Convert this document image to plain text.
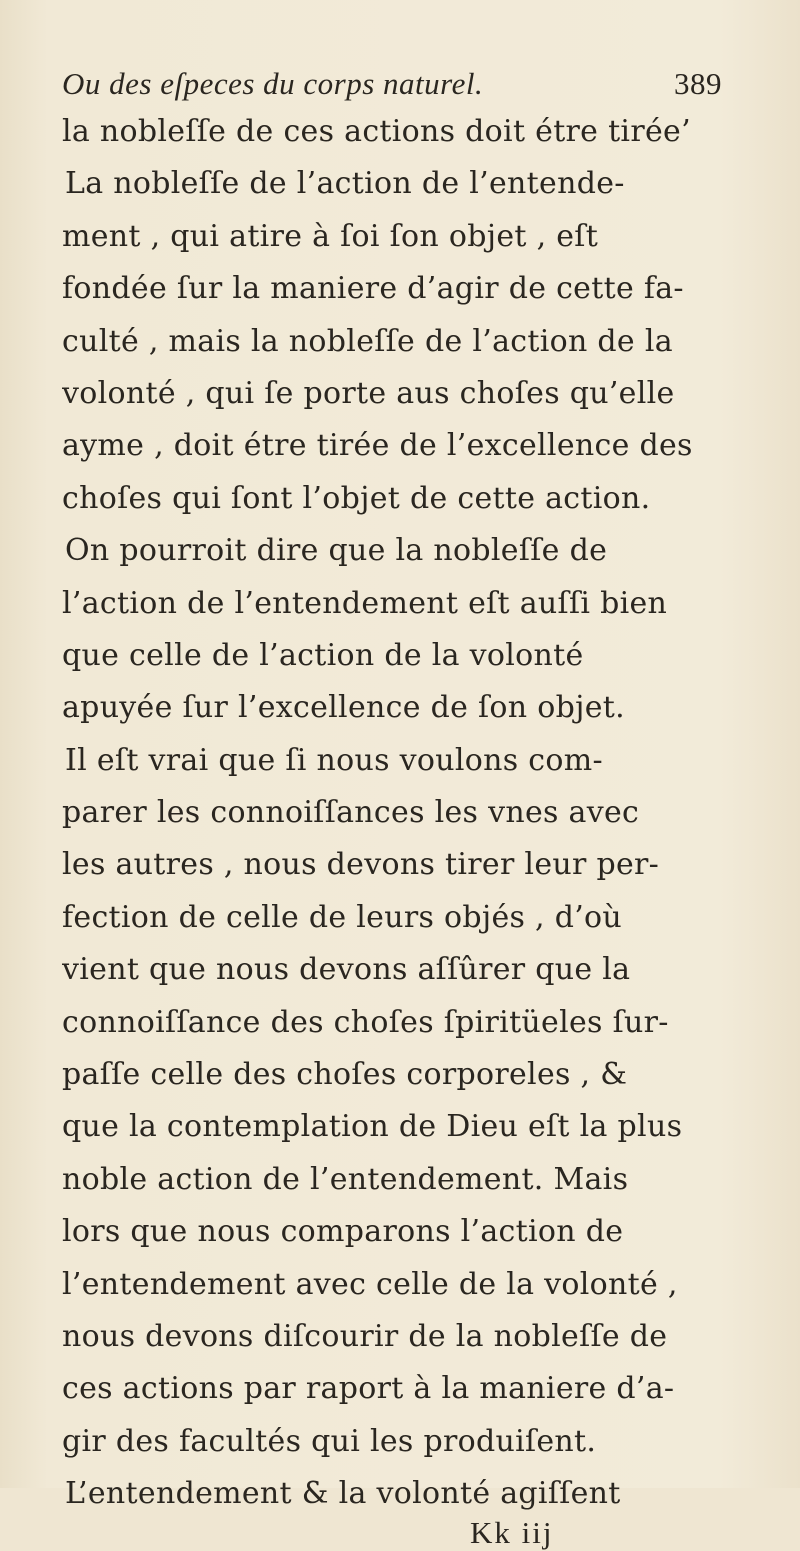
Ou des eſpeces du corps naturel.	389
la nobleſſe de ces actions doit étre tirée’
La nobleſſe de l’action de l’entende-
ment , qui atire à ſoi ſon objet , eſt
fondée ſur la maniere d’agir de cette fa-
culté , mais la nobleſſe de l’action de la
volonté , qui ſe porte aus choſes qu’elle
ayme , doit étre tirée de l’excellence des
choſes qui ſont l’objet de cette action.
On pourroit dire que la nobleſſe de
l’action de l’entendement eſt auſſi bien
que celle de l’action de la volonté
apuyée ſur l’excellence de ſon objet.
Il eſt vrai que ſi nous voulons com-
parer les connoiſſances les vnes avec
les autres , nous devons tirer leur per-
fection de celle de leurs objés , d’où
vient que nous devons aſſûrer que la
connoiſſance des choſes ſpiritüeles ſur-
paſſe celle des choſes corporeles , &
que la contemplation de Dieu eſt la plus
noble action de l’entendement. Mais
lors que nous comparons l’action de
l’entendement avec celle de la volonté ,
nous devons diſcourir de la nobleſſe de
ces actions par raport à la maniere d’a-
gir des facultés qui les produiſent.
L’entendement & la volonté agiſſent
Kk iij
